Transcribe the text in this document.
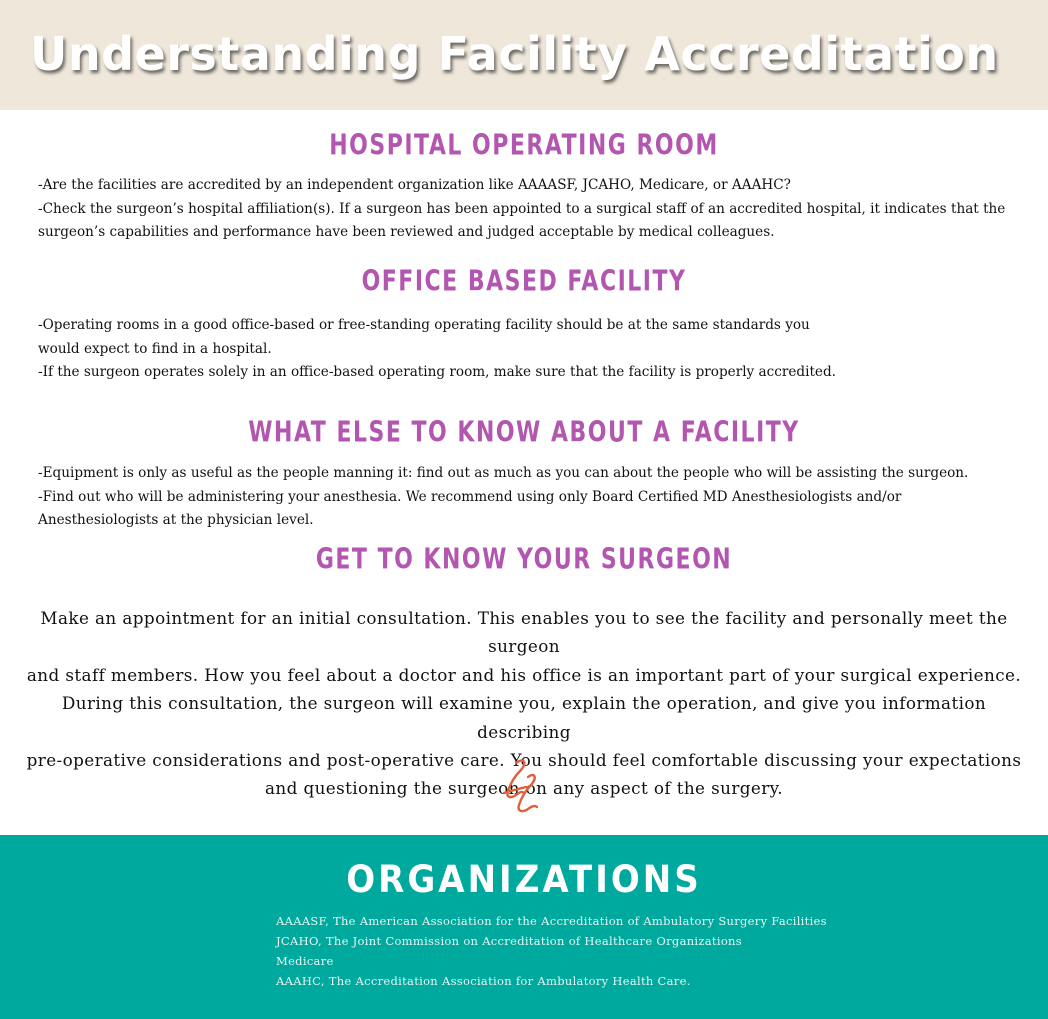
Understanding Facility Accreditation
HOSPITAL OPERATING ROOM

-Are the facilities are accredited by an independent organization like AAAASF, JCAHO, Medicare, or AAAHC?

-Check the surgeon’s hospital affiliation(s). If a surgeon has been appointed to a surgical staff of an accredited hospital, it indicates that the surgeon’s capabilities and performance have been reviewed and judged acceptable by medical colleagues.

OFFICE BASED FACILITY

-Operating rooms in a good office-based or free-standing operating facility should be at the same standards you would expect to find in a hospital.

-If the surgeon operates solely in an office-based operating room, make sure that the facility is properly accredited.

WHAT ELSE TO KNOW ABOUT A FACILITY

-Equipment is only as useful as the people manning it: find out as much as you can about the people who will be assisting the surgeon.

-Find out who will be administering your anesthesia. We recommend using only Board Certified MD Anesthesiologists and/or Anesthesiologists at the physician level.

GET TO KNOW YOUR SURGEON
Make an appointment for an initial consultation. This enables you to see the facility and personally meet the surgeon
and staff members. How you feel about a doctor and his office is an important part of your surgical experience.
During this consultation, the surgeon will examine you, explain the operation, and give you information describing
pre-operative considerations and post-operative care. You should feel comfortable discussing your expectations
and questioning the surgeon on any aspect of the surgery.
ORGANIZATIONS
AAAASF, The American Association for the Accreditation of Ambulatory Surgery Facilities
JCAHO, The Joint Commission on Accreditation of Healthcare Organizations
Medicare
AAAHC, The Accreditation Association for Ambulatory Health Care.
